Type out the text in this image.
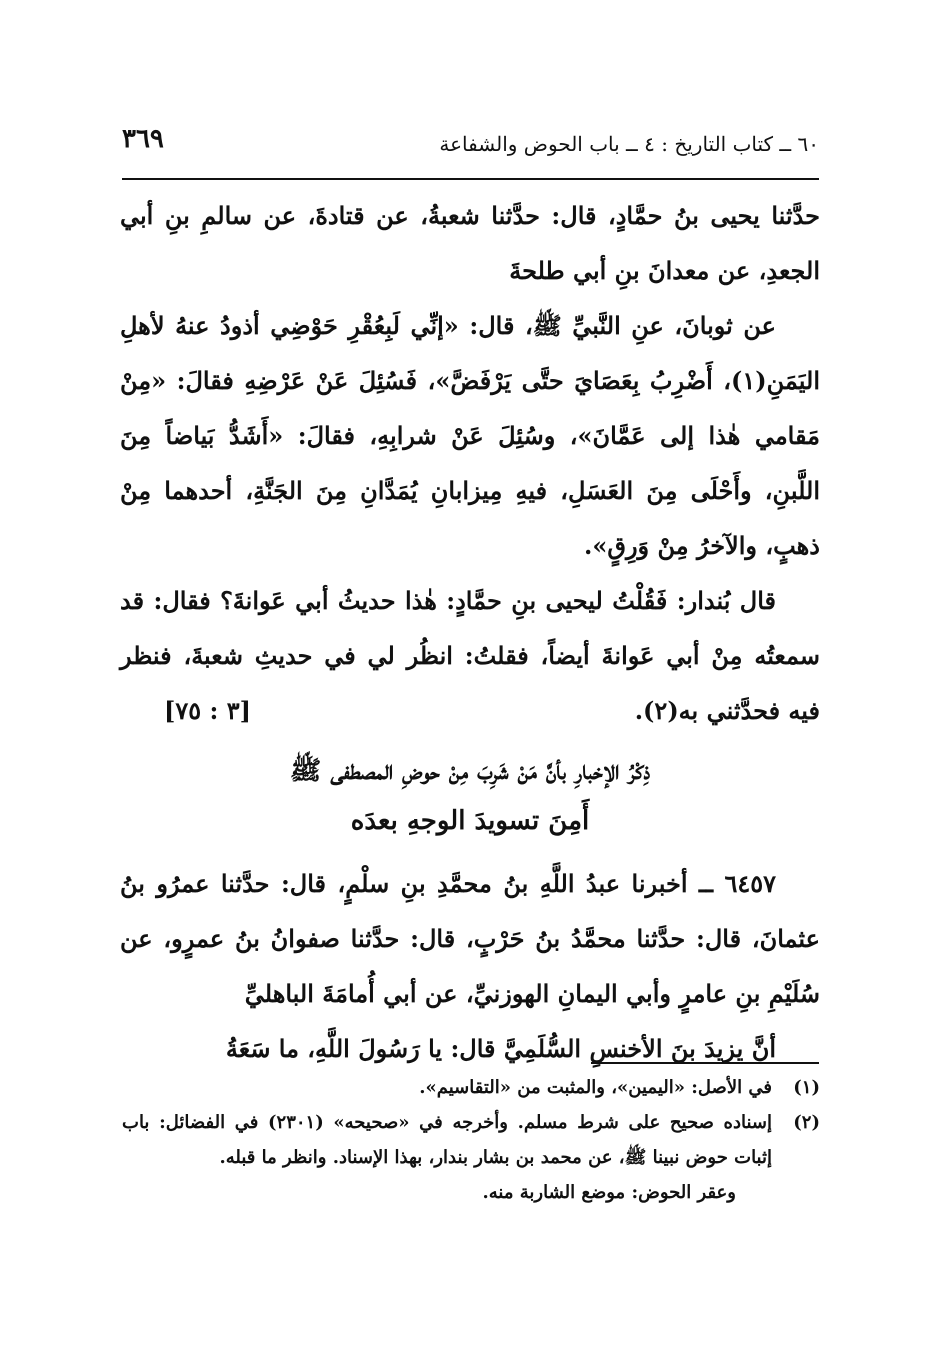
٦٠ ــ كتاب التاريخ : ٤ ــ باب الحوض والشفاعة
٣٦٩

حدَّثنا يحيى بنُ حمَّادٍ، قال: حدَّثنا شعبةُ، عن قتادةَ، عن سالمِ بنِ أبي الجعدِ، عن معدانَ بنِ أبي طلحةَ

عن ثوبانَ، عنِ النَّبيِّ ﷺ، قال: «إنِّي لَبِعُقْرِ حَوْضِي أذودُ عنهُ لأهلِ اليَمَنِ(١)، أَضْرِبُ بِعَصَايَ حتَّى يَرْفَضَّ»، فَسُئِلَ عَنْ عَرْضِهِ فقالَ: «مِنْ مَقامي هٰذا إلى عَمَّانَ»، وسُئِلَ عَنْ شرابِهِ، فقالَ: «أَشَدُّ بَياضاً مِنَ اللَّبنِ، وأَحْلَى مِنَ العَسَلِ، فيهِ مِيزابانِ يُمَدَّانِ مِنَ الجَنَّةِ، أحدهما مِنْ ذهبٍ، والآخرُ مِنْ وَرِقٍ».

قال بُندار: فَقُلْتُ ليحيى بنِ حمَّادٍ: هٰذا حديثُ أبي عَوانةَ؟ فقال: قد سمعتُه مِنْ أبي عَوانةَ أيضاً، فقلتُ: انظُر لي في حديثِ شعبةَ، فنظر فيه فحدَّثني به(٢).
[٣ : ٧٥]

ذِكْرُ الإخبارِ بأنَّ مَنْ شَرِبَ مِنْ حوضِ المصطفى ﷺ
أَمِنَ تسويدَ الوجهِ بعدَه

٦٤٥٧ ــ أخبرنا عبدُ اللَّهِ بنُ محمَّدِ بنِ سلْمٍ، قال: حدَّثنا عمرُو بنُ عثمانَ، قال: حدَّثنا محمَّدُ بنُ حَرْبٍ، قال: حدَّثنا صفوانُ بنُ عمرٍو، عن سُلَيْمِ بنِ عامرٍ وأبي اليمانِ الهوزنيِّ، عن أبي أُمامَةَ الباهليِّ

أنَّ يزيدَ بنَ الأخنسِ السُّلَمِيَّ قال: يا رَسُولَ اللَّهِ، ما سَعَةُ

(١)
في الأصل: «اليمين»، والمثبت من «التقاسيم».
(٢)
إسناده صحيح على شرط مسلم. وأخرجه في «صحيحه» (٢٣٠١) في الفضائل: باب إثبات حوض نبينا ﷺ، عن محمد بن بشار بندار، بهذا الإسناد. وانظر ما قبله.
وعقر الحوض: موضع الشاربة منه.
